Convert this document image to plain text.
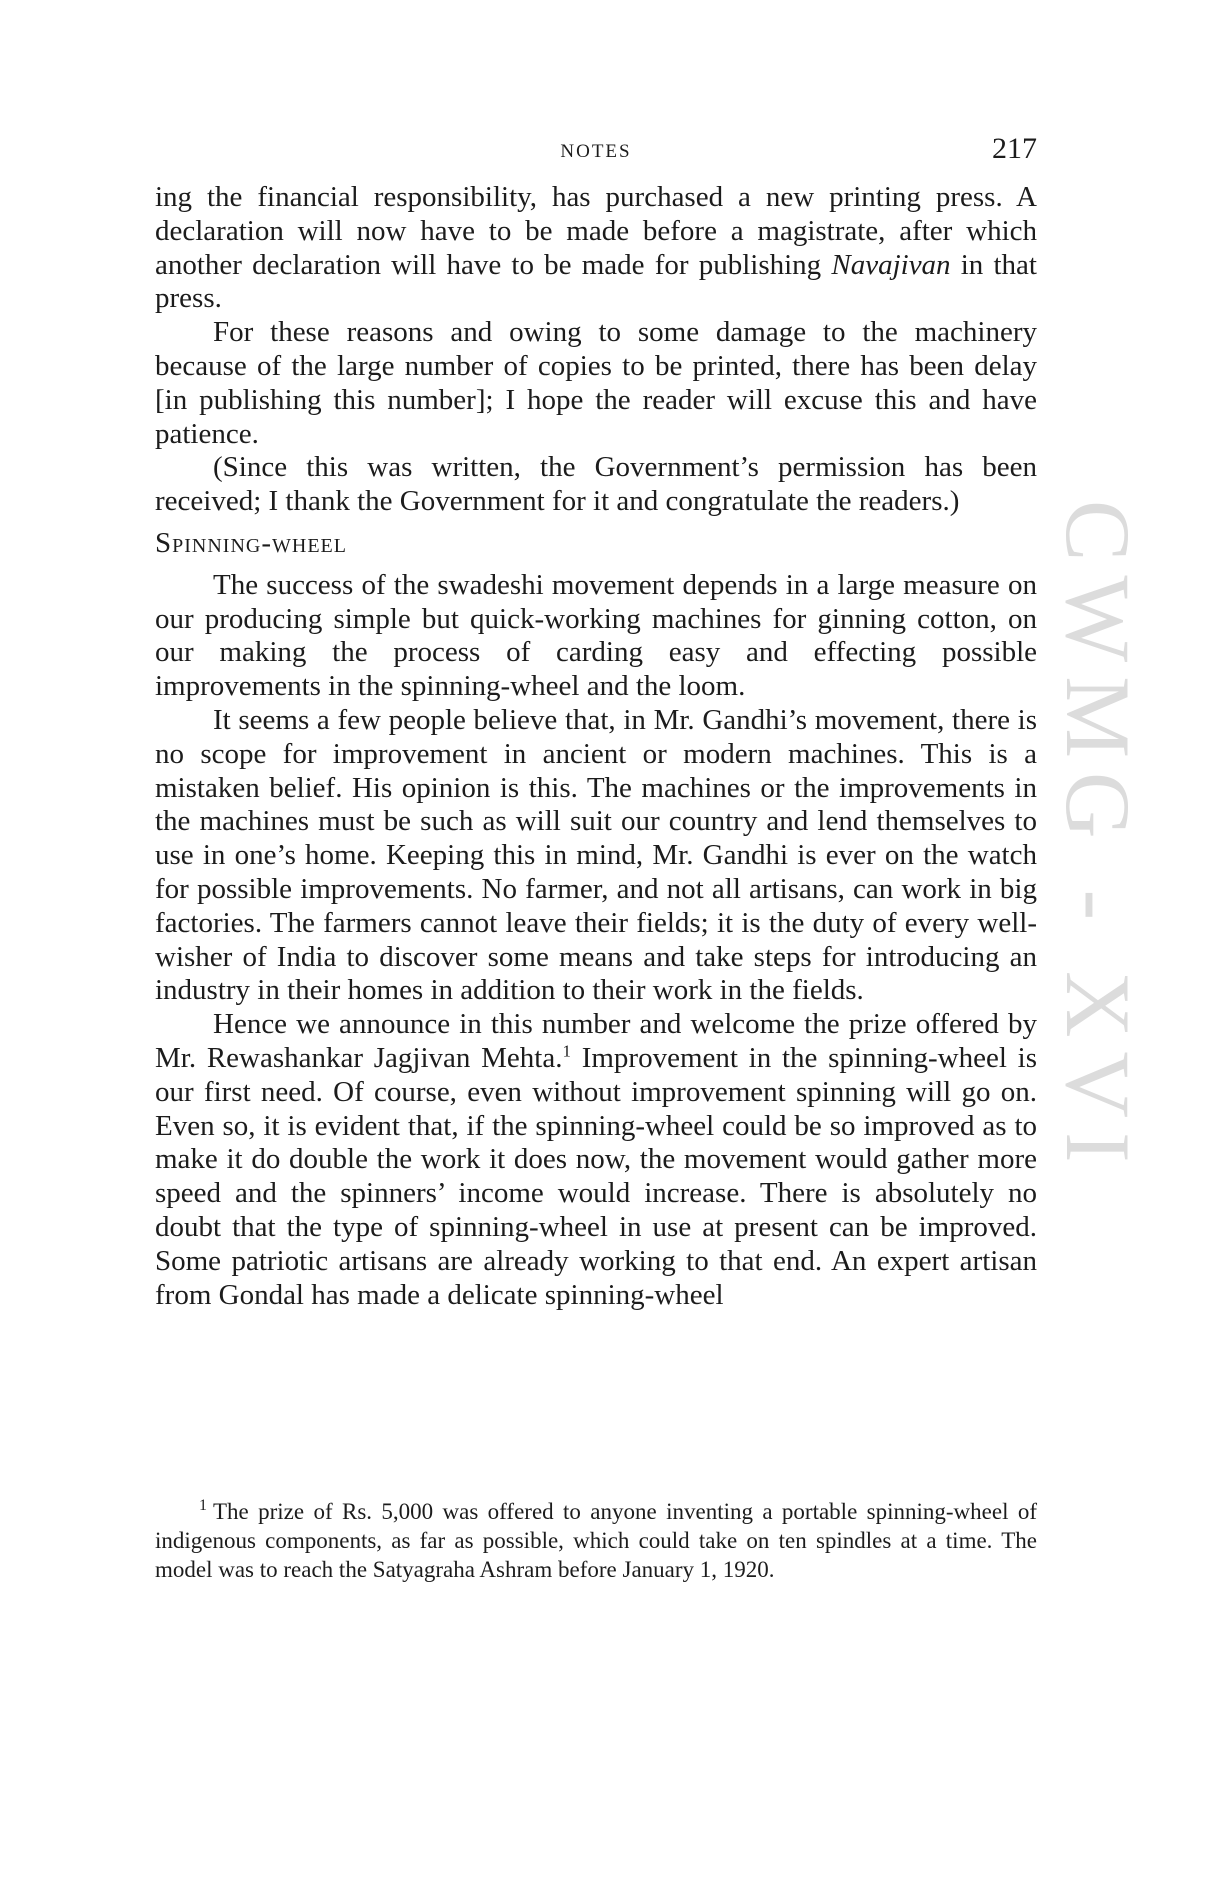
NOTES	217

ing the financial responsibility, has purchased a new printing press. A declaration will now have to be made before a magistrate, after which another declaration will have to be made for publishing Navajivan in that press.

For these reasons and owing to some damage to the machinery because of the large number of copies to be printed, there has been delay [in publishing this number]; I hope the reader will excuse this and have patience.

(Since this was written, the Government’s permission has been received; I thank the Government for it and congratulate the readers.)

Spinning-wheel

The success of the swadeshi movement depends in a large measure on our producing simple but quick-working machines for ginning cotton, on our making the process of carding easy and effecting possible improvements in the spinning-wheel and the loom.

It seems a few people believe that, in Mr. Gandhi’s movement, there is no scope for improvement in ancient or modern machines. This is a mistaken belief. His opinion is this. The machines or the improvements in the machines must be such as will suit our country and lend themselves to use in one’s home. Keeping this in mind, Mr. Gandhi is ever on the watch for possible improvements. No farmer, and not all artisans, can work in big factories. The farmers cannot leave their fields; it is the duty of every well-wisher of India to discover some means and take steps for introducing an industry in their homes in addition to their work in the fields.

Hence we announce in this number and welcome the prize offered by Mr. Rewashankar Jagjivan Mehta.$^1$ Improvement in the spinning-wheel is our first need. Of course, even without improvement spinning will go on. Even so, it is evident that, if the spinning-wheel could be so improved as to make it do double the work it does now, the movement would gather more speed and the spinners’ income would increase. There is absolutely no doubt that the type of spinning-wheel in use at present can be improved. Some patriotic artisans are already working to that end. An expert artisan from Gondal has made a delicate spinning-wheel

$^1$ The prize of Rs. 5,000 was offered to anyone inventing a portable spinning-wheel of indigenous components, as far as possible, which could take on ten spindles at a time. The model was to reach the Satyagraha Ashram before January 1, 1920.
CWMG - XVI
